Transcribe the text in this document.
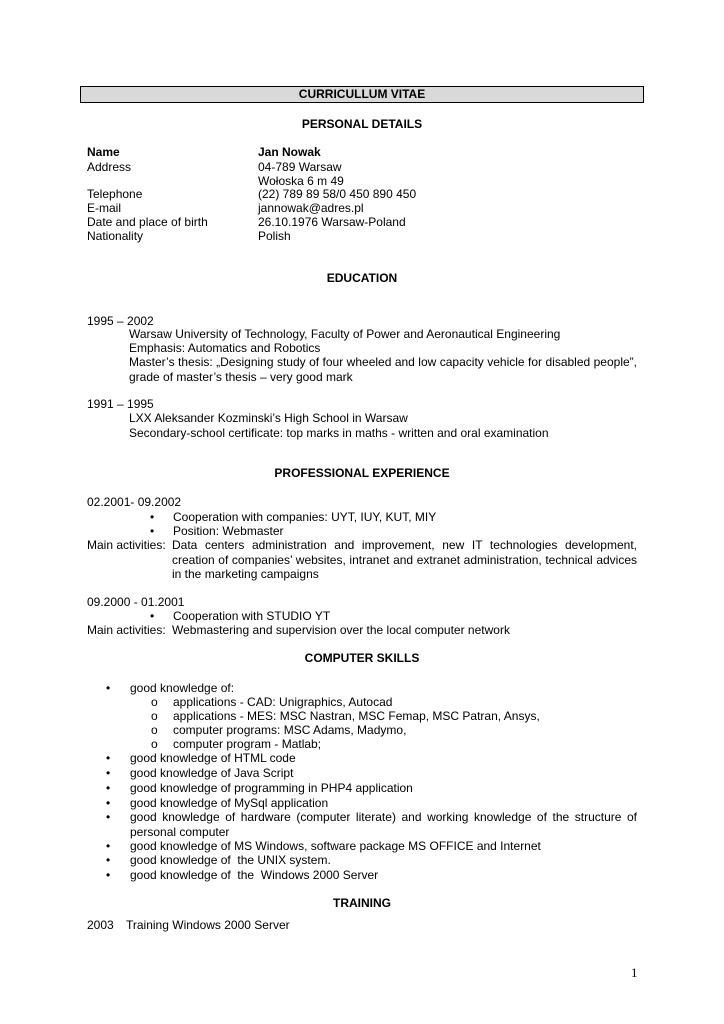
CURRICULLUM VITAE
PERSONAL DETAILS
Name	Jan Nowak
Address	04-789 Warsaw
Wołoska 6 m 49
Telephone	(22) 789 89 58/0 450 890 450
E-mail	jannowak@adres.pl
Date and place of birth	26.10.1976 Warsaw-Poland
Nationality	Polish
EDUCATION
1995 – 2002
Warsaw University of Technology, Faculty of Power and Aeronautical Engineering
Emphasis: Automatics and Robotics
Master’s thesis: „Designing study of four wheeled and low capacity vehicle for disabled people”, grade of master’s thesis – very good mark
1991 – 1995
LXX Aleksander Kozminski’s High School in Warsaw
Secondary-school certificate: top marks in maths - written and oral examination
PROFESSIONAL EXPERIENCE
02.2001- 09.2002
• Cooperation with companies: UYT, IUY, KUT, MIY
• Position: Webmaster
Main activities: Data centers administration and improvement, new IT technologies development, creation of companies’ websites, intranet and extranet administration, technical advices in the marketing campaigns
09.2000 - 01.2001
• Cooperation with STUDIO YT
Main activities: Webmastering and supervision over the local computer network
COMPUTER SKILLS
• good knowledge of:
o applications - CAD: Unigraphics, Autocad
o applications - MES: MSC Nastran, MSC Femap, MSC Patran, Ansys,
o computer programs: MSC Adams, Madymo,
o computer program - Matlab;
• good knowledge of HTML code
• good knowledge of Java Script
• good knowledge of programming in PHP4 application
• good knowledge of MySql application
• good knowledge of hardware (computer literate) and working knowledge of the structure of personal computer
• good knowledge of MS Windows, software package MS OFFICE and Internet
• good knowledge of  the UNIX system.
• good knowledge of  the  Windows 2000 Server
TRAINING
2003 Training Windows 2000 Server
1
